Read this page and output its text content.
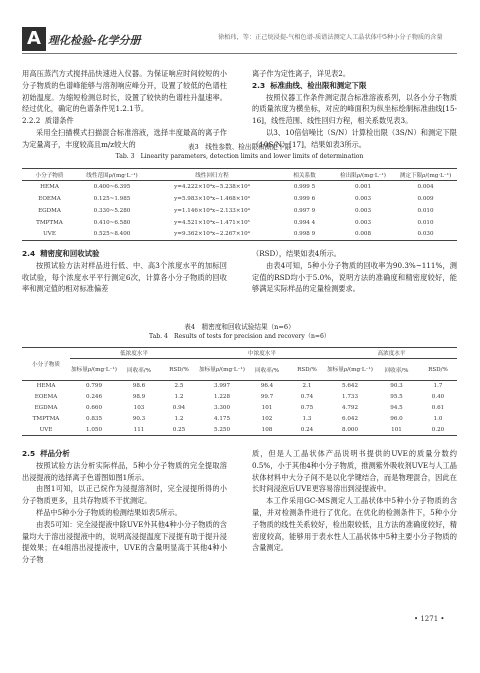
A 理化检验-化学分册	徐栢玮，等：正己烷浸提-气相色谱-质谱法测定人工晶状体中5种小分子物质的含量

用高压蒸汽方式搅拌品快速进入仪器。为保证响应时间较短的小分子物质的色谱峰能够与溶剂响应峰分开，设置了较低的色谱柱初始温度。为缩短检测总时长，设置了较快的色谱柱升温速率。经过优化，确定的色谱条件见1.2.1节。

2.2.2 质谱条件

采用全扫描模式扫描混合标准溶液，选择丰度最高的离子作为定量离子，丰度较高且m/z较大的

离子作为定性离子，详见表2。

2.3 标准曲线、检出限和测定下限

按照仪器工作条件测定混合标准溶液系列，以各小分子物质的质量浓度为横坐标，对应的峰面积为纵坐标绘制标准曲线[15-16]，线性范围、线性回归方程，相关系数见表3。

以3、10倍信噪比（S/N）计算检出限（3S/N）和测定下限（10S/N）[17]，结果如表3所示。

表3　线性参数、检出限和测定下限
Tab. 3　Linearity parameters, detection limits and lower limits of determination
小分子物质	线性范围ρ/(mg·L⁻¹)	线性回归方程	相关系数	检出限ρ/(mg·L⁻¹)	测定下限ρ/(mg·L⁻¹)
HEMA	0.400~6.395	y=4.222×10⁴x−5.238×10⁴	0.999 5	0.001	0.004
EOEMA	0.125~1.985	y=5.983×10⁴x−1.468×10⁴	0.999 6	0.003	0.009
EGDMA	0.330~5.280	y=1.146×10⁴x−2.133×10⁴	0.997 9	0.003	0.010
TMPTMA	0.410~6.580	y=4.521×10⁴x−1.471×10⁵	0.994 4	0.003	0.010
UVE	0.525~8.400	y=9.362×10⁴x−2.267×10⁴	0.998 9	0.008	0.030

2.4 精密度和回收试验

按照试验方法对样品进行低、中、高3个浓度水平的加标回收试验，每个浓度水平平行测定6次，计算各小分子物质的回收率和测定值的相对标准偏差

（RSD），结果如表4所示。

由表4可知，5种小分子物质的回收率为90.3%~111%，测定值的RSD均小于5.0%，说明方法的准确度和精密度较好，能够满足实际样品的定量检测要求。

表4　精密度和回收试验结果（n=6）
Tab. 4　Results of tests for precision and recovery（n=6）
小分子物质	低浓度水平			中浓度水平			高浓度水平		
	加标量ρ/(mg·L⁻¹)	回收率/%	RSD/%	加标量ρ/(mg·L⁻¹)	回收率/%	RSD/%	加标量ρ/(mg·L⁻¹)	回收率/%	RSD/%
HEMA	0.799	98.6	2.5	3.997	96.4	2.1	5.642	90.3	1.7
EOEMA	0.246	98.9	1.2	1.228	99.7	0.74	1.733	95.5	0.40
EGDMA	0.660	103	0.94	3.300	101	0.75	4.792	94.5	0.61
TMPTMA	0.835	90.3	1.2	4.175	102	1.3	6.042	96.0	1.0
UVE	1.050	111	0.25	5.250	108	0.24	8.000	101	0.20

2.5 样品分析

按照试验方法分析实际样品，5种小分子物质的完全提取溶出浸提液的选择离子色谱图如图1所示。

由图1可知，以正己烷作为浸提溶剂时，完全浸提所得的小分子物质更多，且共存物质不干扰测定。

样品中5种小分子物质的检测结果如表5所示。

由表5可知：完全浸提液中除UVE外其他4种小分子物质的含量均大于溶出浸提液中的，说明高浸提温度下浸提有助于提升浸提效果；在4组溶出浸提液中，UVE的含量明显高于其他4种小分子物

质，但是人工晶状体产品说明书提供的UVE的质量分数约0.5%，小于其他4种小分子物质，推测紫外吸收剂UVE与人工晶状体材料中大分子间不是以化学键结合，而是物理混合，因此在长时间浸泡后UVE更容易溶出到浸提液中。

本工作采用GC-MS测定人工晶状体中5种小分子物质的含量，并对检测条件进行了优化。在优化的检测条件下，5种小分子物质的线性关系较好，检出限较低，且方法的准确度较好，精密度较高，能够用于表水性人工晶状体中5种主要小分子物质的含量测定。

• 1271 •
